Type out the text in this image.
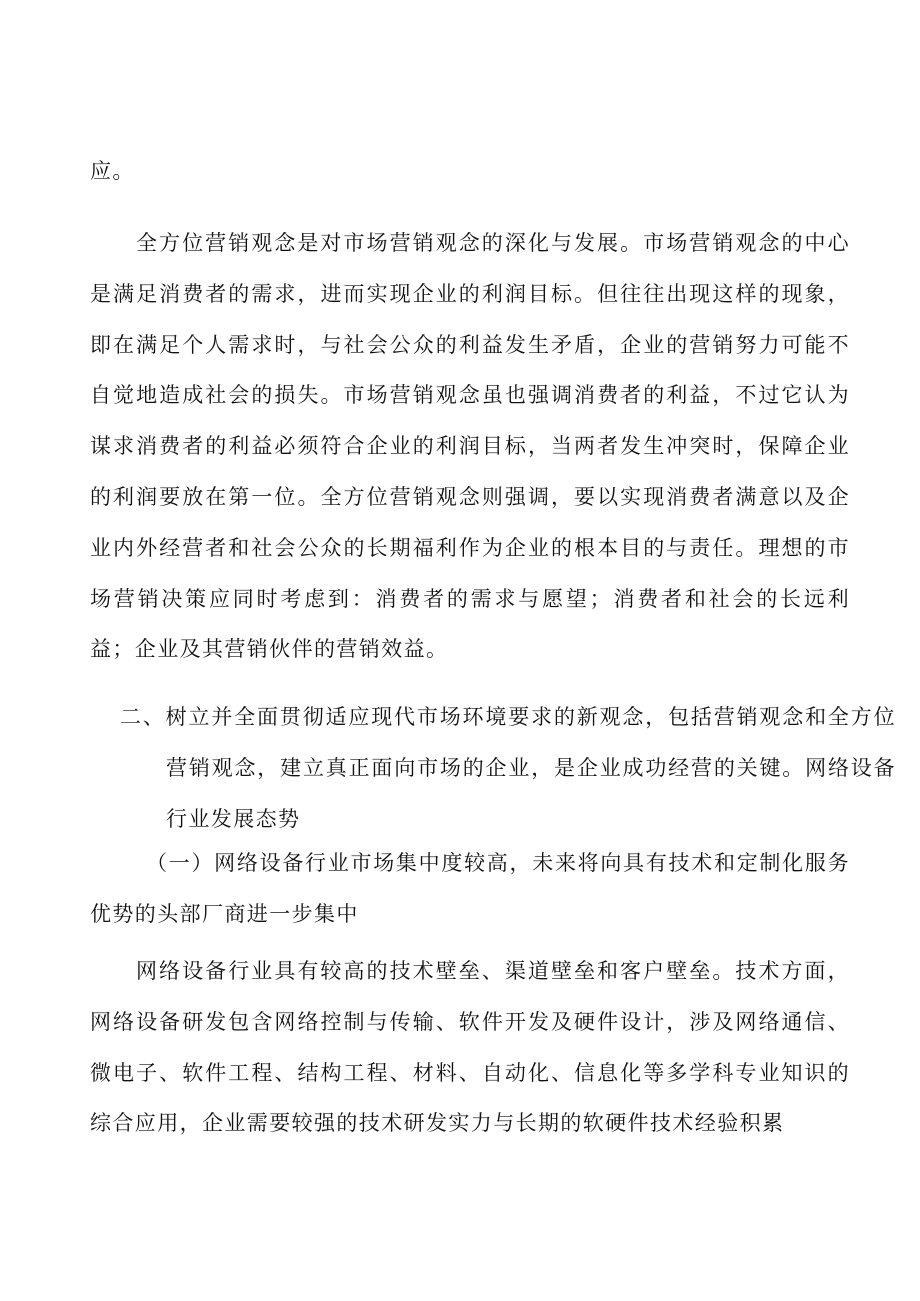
应。

全方位营销观念是对市场营销观念的深化与发展。市场营销观念的中心是满足消费者的需求，进而实现企业的利润目标。但往往出现这样的现象，即在满足个人需求时，与社会公众的利益发生矛盾，企业的营销努力可能不自觉地造成社会的损失。市场营销观念虽也强调消费者的利益，不过它认为谋求消费者的利益必须符合企业的利润目标，当两者发生冲突时，保障企业的利润要放在第一位。全方位营销观念则强调，要以实现消费者满意以及企业内外经营者和社会公众的长期福利作为企业的根本目的与责任。理想的市场营销决策应同时考虑到：消费者的需求与愿望；消费者和社会的长远利益；企业及其营销伙伴的营销效益。

二、树立并全面贯彻适应现代市场环境要求的新观念，包括营销观念和全方位营销观念，建立真正面向市场的企业，是企业成功经营的关键。网络设备行业发展态势

（一）网络设备行业市场集中度较高，未来将向具有技术和定制化服务优势的头部厂商进一步集中

网络设备行业具有较高的技术壁垒、渠道壁垒和客户壁垒。技术方面，网络设备研发包含网络控制与传输、软件开发及硬件设计，涉及网络通信、微电子、软件工程、结构工程、材料、自动化、信息化等多学科专业知识的综合应用，企业需要较强的技术研发实力与长期的软硬件技术经验积累
